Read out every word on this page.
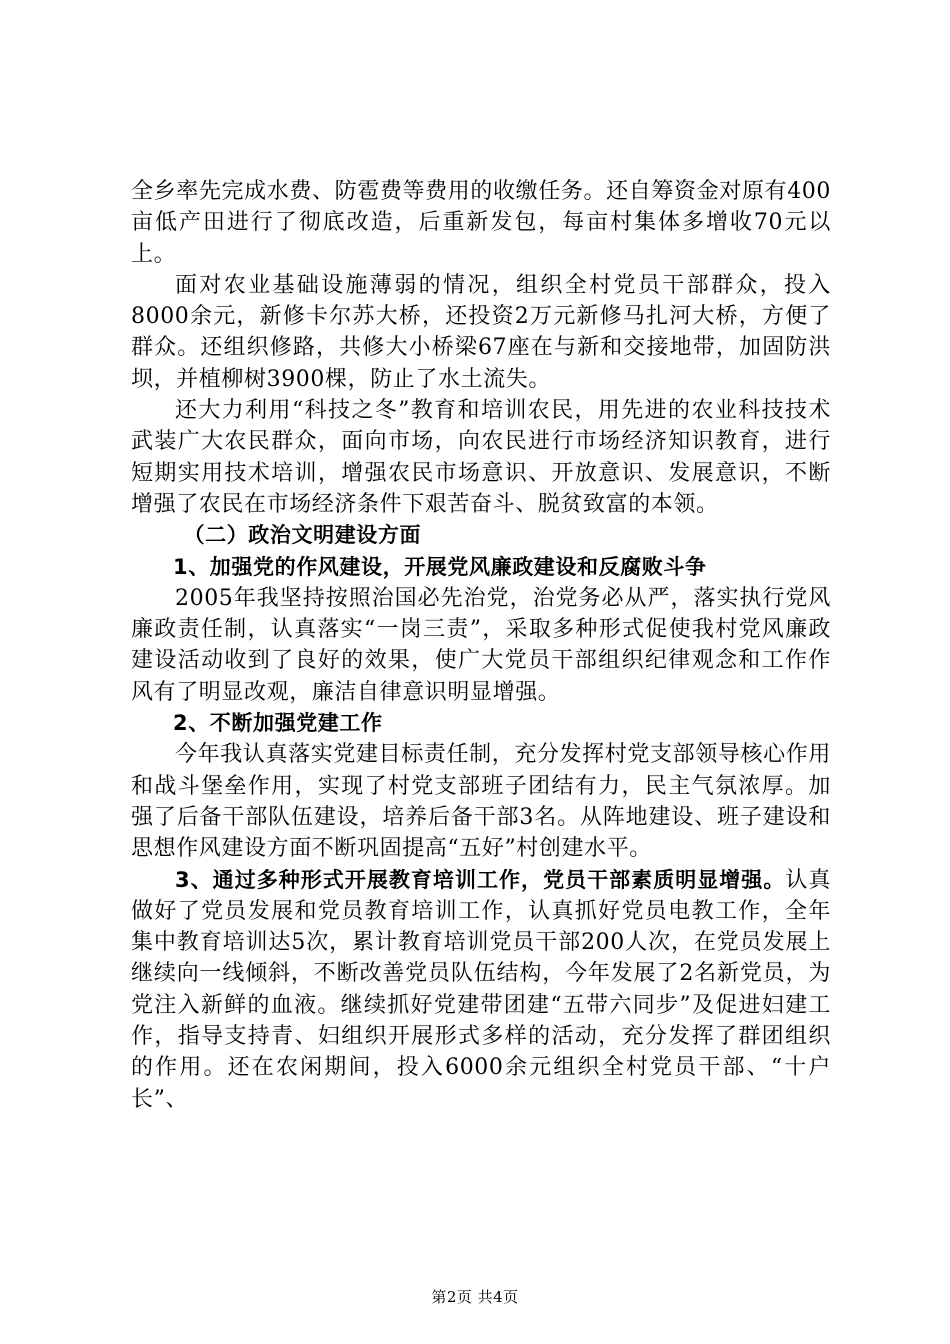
全乡率先完成水费、防雹费等费用的收缴任务。还自筹资金对原有400亩低产田进行了彻底改造，后重新发包，每亩村集体多增收70元以上。

面对农业基础设施薄弱的情况，组织全村党员干部群众，投入8000余元，新修卡尔苏大桥，还投资2万元新修马扎河大桥，方便了群众。还组织修路，共修大小桥梁67座在与新和交接地带，加固防洪坝，并植柳树3900棵，防止了水土流失。

还大力利用“科技之冬”教育和培训农民，用先进的农业科技技术武装广大农民群众，面向市场，向农民进行市场经济知识教育，进行短期实用技术培训，增强农民市场意识、开放意识、发展意识，不断增强了农民在市场经济条件下艰苦奋斗、脱贫致富的本领。

（二）政治文明建设方面

1、加强党的作风建设，开展党风廉政建设和反腐败斗争

2005年我坚持按照治国必先治党，治党务必从严，落实执行党风廉政责任制，认真落实“一岗三责”，采取多种形式促使我村党风廉政建设活动收到了良好的效果，使广大党员干部组织纪律观念和工作作风有了明显改观，廉洁自律意识明显增强。

2、不断加强党建工作

今年我认真落实党建目标责任制，充分发挥村党支部领导核心作用和战斗堡垒作用，实现了村党支部班子团结有力，民主气氛浓厚。加强了后备干部队伍建设，培养后备干部3名。从阵地建设、班子建设和思想作风建设方面不断巩固提高“五好”村创建水平。

3、通过多种形式开展教育培训工作，党员干部素质明显增强。认真做好了党员发展和党员教育培训工作，认真抓好党员电教工作，全年集中教育培训达5次，累计教育培训党员干部200人次，在党员发展上继续向一线倾斜，不断改善党员队伍结构，今年发展了2名新党员，为党注入新鲜的血液。继续抓好党建带团建“五带六同步”及促进妇建工作，指导支持青、妇组织开展形式多样的活动，充分发挥了群团组织的作用。还在农闲期间，投入6000余元组织全村党员干部、“十户长”、

第2页 共4页
